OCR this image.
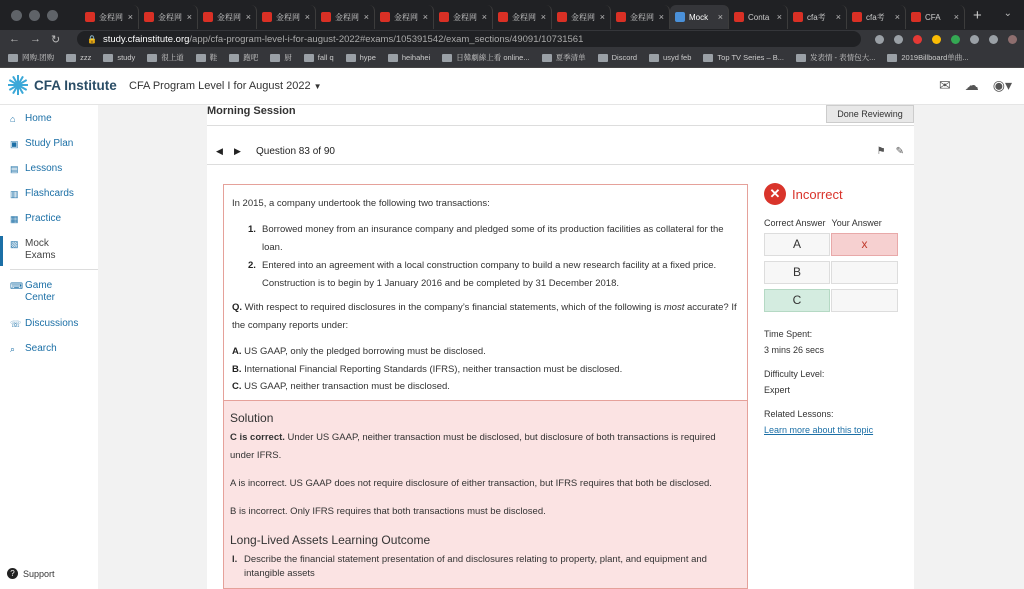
金程网 ×	金程网 ×	金程网 ×	金程网 ×	金程网 ×	金程网 ×	金程网 ×	金程网 ×	金程网 ×	金程网 ×	Mock	×	Conta ×	cfa考	×	cfa考	×	CFA	× + ⌄
← → ↻	🔒 study.cfainstitute.org /app/cfa-program-level-i-for-august-2022#exams/105391542/exam_sections/49091/10731561
网购.团购	zzz	study	很上道	鞋	跑吧	厨	fall q	hype	heihahei	日韓劇線上看 online...	夏季清单	Discord	usyd feb	Top TV Series – B...	发表情 - 表情包大...	2019Billboard单曲...
CFA Institute CFA Program Level I for August 2022 ▼	✉ ☁ ◉▾
⌂ Home
▣ Study Plan
▤ Lessons
▥ Flashcards
▦ Practice
▧ Mock Exams
⌨ Game Center
☏ Discussions
⌕ Search
? Support
Morning Session	Done Reviewing
◀	▶	Question 83 of 90	⚑ ✎

In 2015, a company undertook the following two transactions:

1. Borrowed money from an insurance company and pledged some of its production facilities as collateral for the loan.
2. Entered into an agreement with a local construction company to build a new research facility at a fixed price. Construction is to begin by 1 January 2016 and be completed by 31 December 2018.

Q. With respect to required disclosures in the company’s financial statements, which of the following is most accurate? If the company reports under:

A. US GAAP, only the pledged borrowing must be disclosed.
B. International Financial Reporting Standards (IFRS), neither transaction must be disclosed.
C. US GAAP, neither transaction must be disclosed.
Solution

C is correct. Under US GAAP, neither transaction must be disclosed, but disclosure of both transactions is required under IFRS.

A is incorrect. US GAAP does not require disclosure of either transaction, but IFRS requires that both be disclosed.

B is incorrect. Only IFRS requires that both transactions must be disclosed.

Long-Lived Assets Learning Outcome
I. Describe the financial statement presentation of and disclosures relating to property, plant, and equipment and intangible assets
✕ Incorrect
Correct Answer Your Answer
A	x
B
C
Time Spent:
3 mins 26 secs
Difficulty Level:
Expert
Related Lessons:
Learn more about this topic
